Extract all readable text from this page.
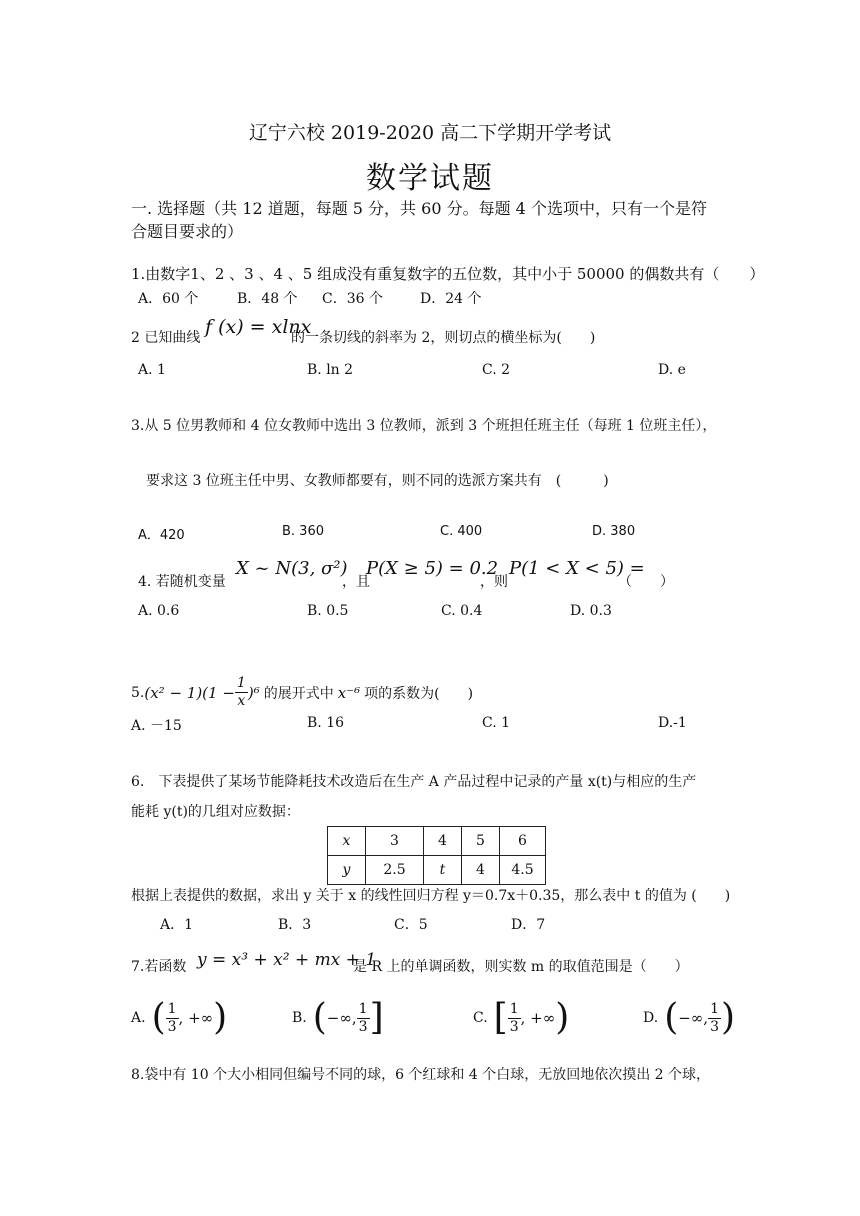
辽宁六校 2019-2020 高二下学期开学考试
数学试题
一. 选择题（共 12 道题，每题 5 分，共 60 分。每题 4 个选项中，只有一个是符
合题目要求的）
1.由数字1、2 、3 、4 、5 组成没有重复数字的五位数，其中小于 50000 的偶数共有（　　）
A．60 个	B．48 个 C．36 个	D．24 个
2 已知曲线 f (x) = xlnx
的一条切线的斜率为 2，则切点的横坐标为(　　)
A. 1	B. ln 2	C. 2	D. e
3.从 5 位男教师和 4 位女教师中选出 3 位教师，派到 3 个班担任班主任（每班 1 位班主任），
要求这 3 位班主任中男、女教师都要有，则不同的选派方案共有　(　　　)
A．420	B. 360	C. 400	D. 380
4. 若随机变量
X ~ N(3, σ²)
，且
P(X ≥ 5) = 0.2
，则
P(1 < X < 5) =
（　　）
A. 0.6	B. 0.5	C. 0.4	D. 0.3
5. $(x^2 - 1)(1 - \frac{1}{x} )^6$ 的展开式中 x⁻⁶ 项的系数为(　　)
A. －15	B. 16	C. 1	D.-1
6.　下表提供了某场节能降耗技术改造后在生产 A 产品过程中记录的产量 x(t)与相应的生产
能耗 y(t)的几组对应数据：
x	3	4	5	6
y	2.5	t	4	4.5
根据上表提供的数据，求出 y 关于 x 的线性回归方程 y＝0.7x＋0.35，那么表中 t 的值为 (　　)
A．1	B．3	C．5	D．7
7.若函数 y = x³ + x² + mx + 1
是 R 上的单调函数，则实数 m 的取值范围是（　　）
A. ( $\frac{1}{3}$ , +∞ )	B. ( −∞, $\frac{1}{3}$ ]	C. [ $\frac{1}{3}$ , +∞ )	D. ( −∞, $\frac{1}{3}$ )
8.袋中有 10 个大小相同但编号不同的球，6 个红球和 4 个白球，无放回地依次摸出 2 个球，
